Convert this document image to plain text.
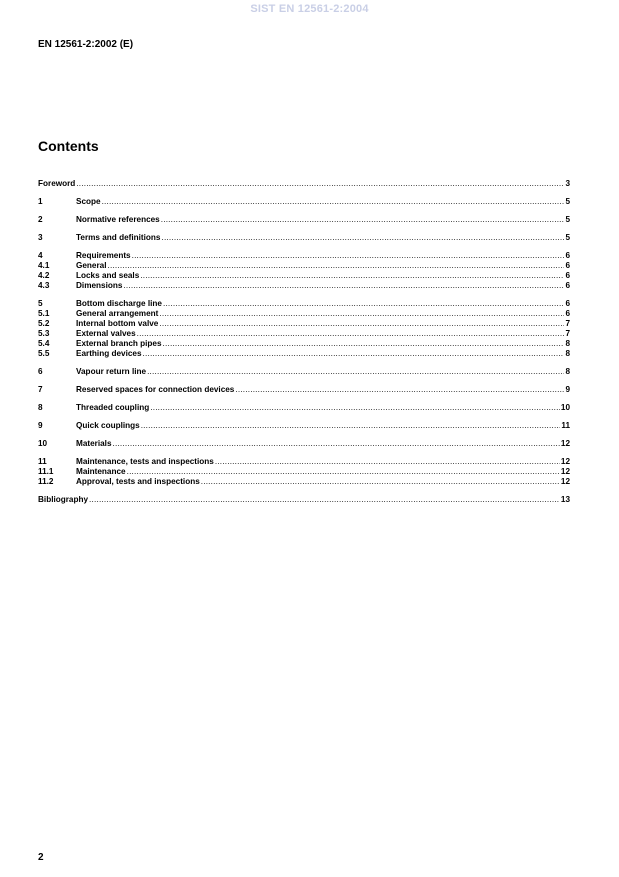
SIST EN 12561-2:2004
EN 12561-2:2002 (E)
Contents
Foreword .....	3
1	Scope .....	5
2	Normative references .....	5
3	Terms and definitions .....	5
4	Requirements .....	6
4.1	General .....	6
4.2	Locks and seals .....	6
4.3	Dimensions .....	6
5	Bottom discharge line .....	6
5.1	General arrangement .....	6
5.2	Internal bottom valve .....	7
5.3	External valves .....	7
5.4	External branch pipes .....	8
5.5	Earthing devices .....	8
6	Vapour return line .....	8
7	Reserved spaces for connection devices .....	9
8	Threaded coupling .....	10
9	Quick couplings .....	11
10	Materials .....	12
11	Maintenance, tests and inspections .....	12
11.1	Maintenance .....	12
11.2	Approval, tests and inspections .....	12
Bibliography .....	13
2
